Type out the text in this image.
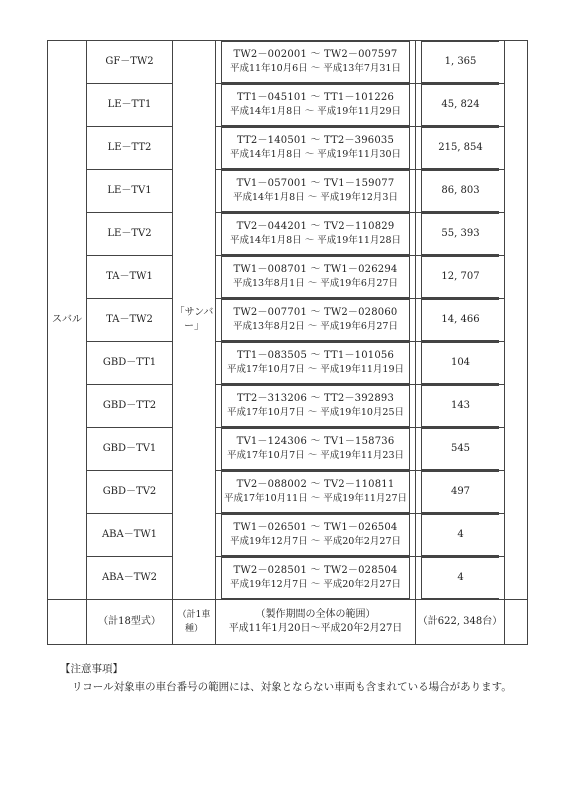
スバル	GF－TW2	「サンバー」	TW2－002001 ～ TW2－007597
平成11年10月6日 ～ 平成13年7月31日	1, 365	

	LE－TT1		TT1－045101 ～ TT1－101226
平成14年1月8日 ～ 平成19年11月29日	45, 824	

	LE－TT2		TT2－140501 ～ TT2－396035
平成14年1月8日 ～ 平成19年11月30日	215, 854	

	LE－TV1		TV1－057001 ～ TV1－159077
平成14年1月8日 ～ 平成19年12月3日	86, 803	

	LE－TV2		TV2－044201 ～ TV2－110829
平成14年1月8日 ～ 平成19年11月28日	55, 393	

	TA－TW1		TW1－008701 ～ TW1－026294
平成13年8月1日 ～ 平成19年6月27日	12, 707	

	TA－TW2		TW2－007701 ～ TW2－028060
平成13年8月2日 ～ 平成19年6月27日	14, 466	

	GBD－TT1		TT1－083505 ～ TT1－101056
平成17年10月7日 ～ 平成19年11月19日	104	

	GBD－TT2		TT2－313206 ～ TT2－392893
平成17年10月7日 ～ 平成19年10月25日	143	

	GBD－TV1		TV1－124306 ～ TV1－158736
平成17年10月7日 ～ 平成19年11月23日	545	

	GBD－TV2		TV2－088002 ～ TV2－110811
平成17年10月11日 ～ 平成19年11月27日	497	

	ABA－TW1		TW1－026501 ～ TW1－026504
平成19年12月7日 ～ 平成20年2月27日	4	

	ABA－TW2		TW2－028501 ～ TW2－028504
平成19年12月7日 ～ 平成20年2月27日	4	

	（計18型式）	（計1車種）	（製作期間の全体の範囲）
平成11年1月20日～平成20年2月27日	（計622, 348台）	
【注意事項】
リコール対象車の車台番号の範囲には、対象とならない車両も含まれている場合があります。
